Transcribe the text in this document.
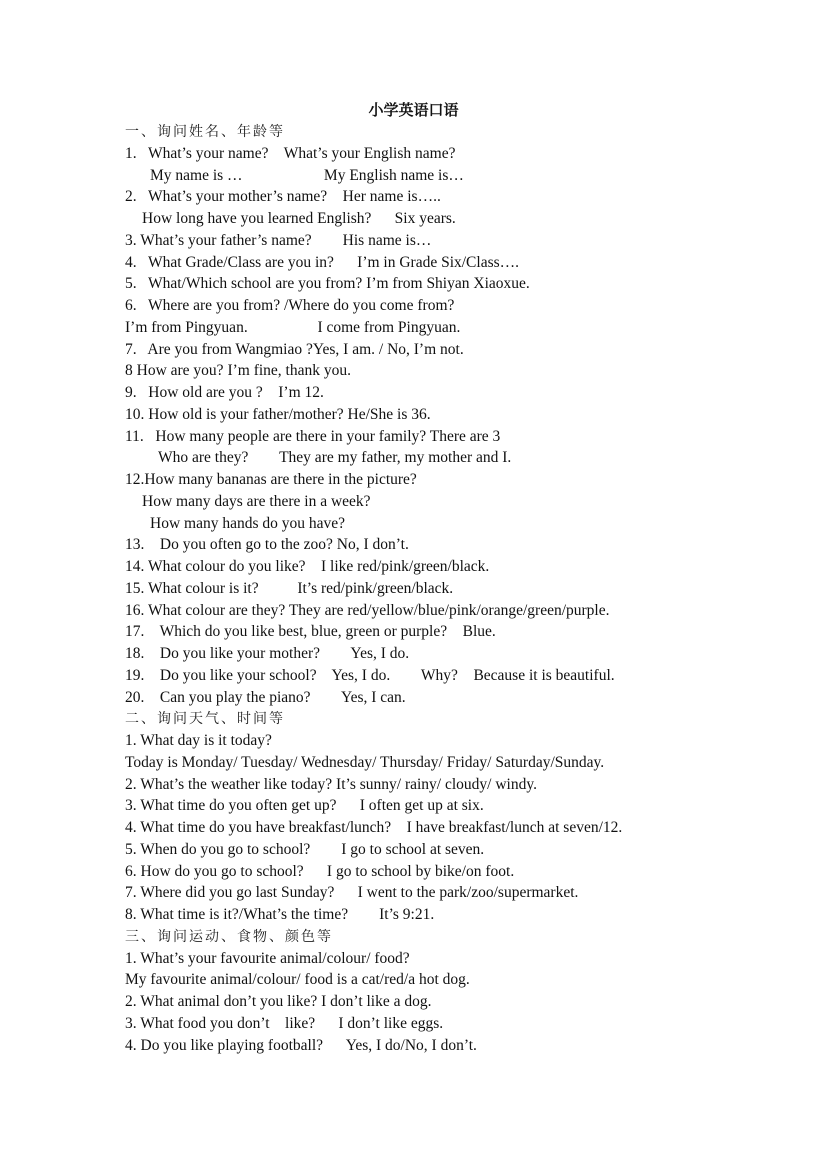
小学英语口语
一、询问姓名、年龄等
1.   What’s your name?    What’s your English name?
My name is …                     My English name is…
2.   What’s your mother’s name?    Her name is…..
How long have you learned English?      Six years.
3. What’s your father’s name?        His name is…
4.   What Grade/Class are you in?      I’m in Grade Six/Class….
5.   What/Which school are you from? I’m from Shiyan Xiaoxue.
6.   Where are you from? /Where do you come from?
I’m from Pingyuan.                  I come from Pingyuan.
7.   Are you from Wangmiao ?Yes, I am. / No, I’m not.
8 How are you? I’m fine, thank you.
9.   How old are you ?    I’m 12.
10. How old is your father/mother? He/She is 36.
11.   How many people are there in your family? There are 3
Who are they?        They are my father, my mother and I.
12.How many bananas are there in the picture?
How many days are there in a week?
How many hands do you have?
13.    Do you often go to the zoo? No, I don’t.
14. What colour do you like?    I like red/pink/green/black.
15. What colour is it?          It’s red/pink/green/black.
16. What colour are they? They are red/yellow/blue/pink/orange/green/purple.
17.    Which do you like best, blue, green or purple?    Blue.
18.    Do you like your mother?        Yes, I do.
19.    Do you like your school?    Yes, I do.        Why?    Because it is beautiful.
20.    Can you play the piano?        Yes, I can.
二、询问天气、时间等
1. What day is it today?
Today is Monday/ Tuesday/ Wednesday/ Thursday/ Friday/ Saturday/Sunday.
2. What’s the weather like today? It’s sunny/ rainy/ cloudy/ windy.
3. What time do you often get up?      I often get up at six.
4. What time do you have breakfast/lunch?    I have breakfast/lunch at seven/12.
5. When do you go to school?        I go to school at seven.
6. How do you go to school?      I go to school by bike/on foot.
7. Where did you go last Sunday?      I went to the park/zoo/supermarket.
8. What time is it?/What’s the time?        It’s 9:21.
三、询问运动、食物、颜色等
1. What’s your favourite animal/colour/ food?
My favourite animal/colour/ food is a cat/red/a hot dog.
2. What animal don’t you like? I don’t like a dog.
3. What food you don’t    like?      I don’t like eggs.
4. Do you like playing football?      Yes, I do/No, I don’t.
